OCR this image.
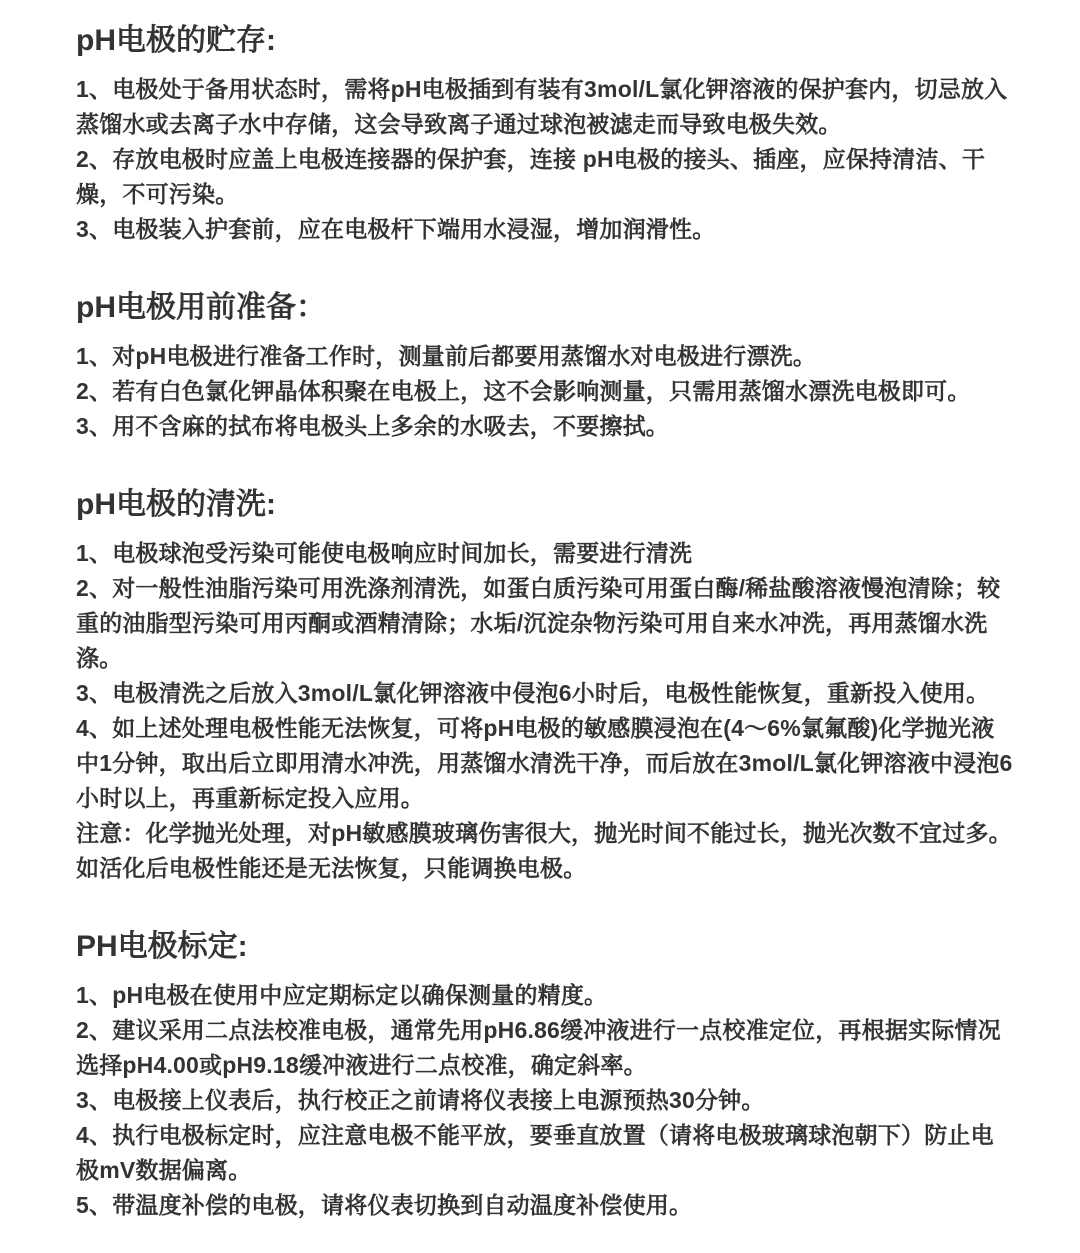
pH电极的贮存:

1、电极处于备用状态时，需将pH电极插到有装有3mol/L氯化钾溶液的保护套内，切忌放入蒸馏水或去离子水中存储，这会导致离子通过球泡被滤走而导致电极失效。

2、存放电极时应盖上电极连接器的保护套，连接 pH电极的接头、插座，应保持清洁、干燥，不可污染。

3、电极装入护套前，应在电极杆下端用水浸湿，增加润滑性。

pH电极用前准备：

1、对pH电极进行准备工作时，测量前后都要用蒸馏水对电极进行漂洗。

2、若有白色氯化钾晶体积聚在电极上，这不会影响测量，只需用蒸馏水漂洗电极即可。

3、用不含麻的拭布将电极头上多余的水吸去，不要擦拭。

pH电极的清洗:

1、电极球泡受污染可能使电极响应时间加长，需要进行清洗

2、对一般性油脂污染可用洗涤剂清洗，如蛋白质污染可用蛋白酶/稀盐酸溶液慢泡清除；较重的油脂型污染可用丙酮或酒精清除；水垢/沉淀杂物污染可用自来水冲洗，再用蒸馏水洗涤。

3、电极清洗之后放入3mol/L氯化钾溶液中侵泡6小时后，电极性能恢复，重新投入使用。

4、如上述处理电极性能无法恢复，可将pH电极的敏感膜浸泡在(4～6%氯氟酸)化学抛光液中1分钟，取出后立即用清水冲洗，用蒸馏水清洗干净，而后放在3mol/L氯化钾溶液中浸泡6小时以上，再重新标定投入应用。

注意：化学抛光处理，对pH敏感膜玻璃伤害很大，抛光时间不能过长，抛光次数不宜过多。如活化后电极性能还是无法恢复，只能调换电极。

PH电极标定:

1、pH电极在使用中应定期标定以确保测量的精度。

2、建议采用二点法校准电极，通常先用pH6.86缓冲液进行一点校准定位，再根据实际情况选择pH4.00或pH9.18缓冲液进行二点校准，确定斜率。

3、电极接上仪表后，执行校正之前请将仪表接上电源预热30分钟。

4、执行电极标定时，应注意电极不能平放，要垂直放置（请将电极玻璃球泡朝下）防止电极mV数据偏离。

5、带温度补偿的电极，请将仪表切换到自动温度补偿使用。
